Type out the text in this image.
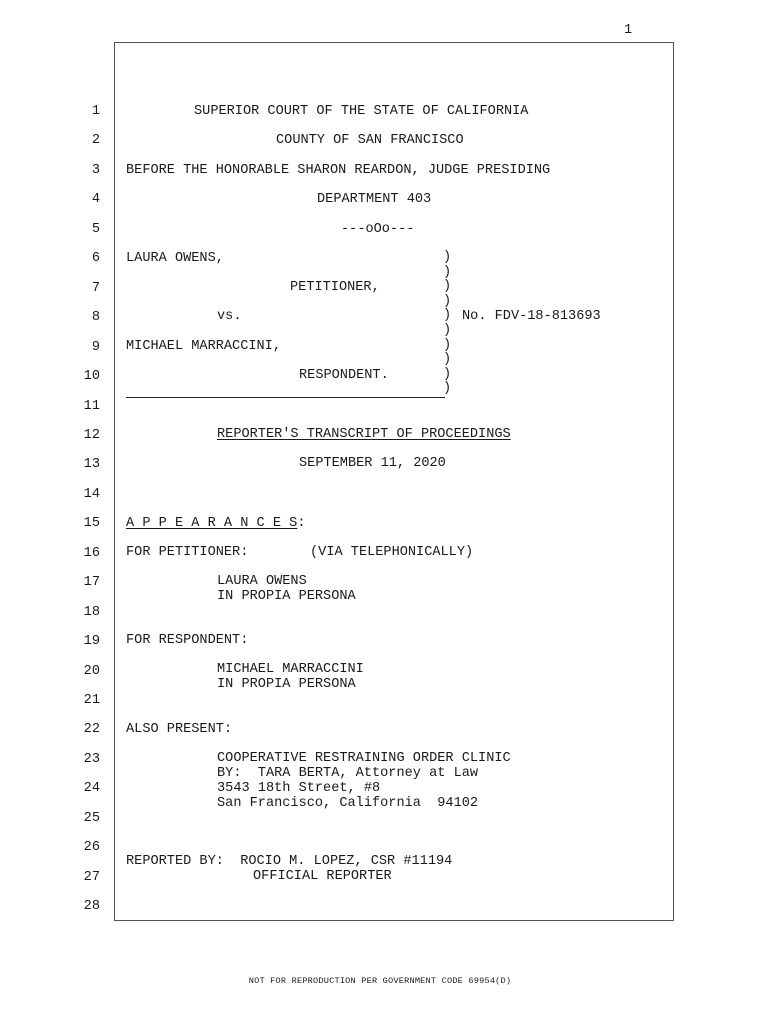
1
1
2
3
4
5
6
7
8
9
10
11
12
13
14
15
16
17
18
19
20
21
22
23
24
25
26
27
28
SUPERIOR COURT OF THE STATE OF CALIFORNIA
COUNTY OF SAN FRANCISCO
BEFORE THE HONORABLE SHARON REARDON, JUDGE PRESIDING
DEPARTMENT 403
---oOo---
LAURA OWENS,
PETITIONER,
vs.	No. FDV-18-813693
MICHAEL MARRACCINI,
RESPONDENT.
)
)
)
)
)
)
)
)
)
)
REPORTER'S TRANSCRIPT OF PROCEEDINGS
SEPTEMBER 11, 2020
A P P E A R A N C E S:
FOR PETITIONER:	(VIA TELEPHONICALLY)
LAURA OWENS
IN PROPIA PERSONA
FOR RESPONDENT:
MICHAEL MARRACCINI
IN PROPIA PERSONA
ALSO PRESENT:
COOPERATIVE RESTRAINING ORDER CLINIC
BY:  TARA BERTA, Attorney at Law
3543 18th Street, #8
San Francisco, California  94102
REPORTED BY:  ROCIO M. LOPEZ, CSR #11194
OFFICIAL REPORTER
NOT FOR REPRODUCTION PER GOVERNMENT CODE 69954(D)
